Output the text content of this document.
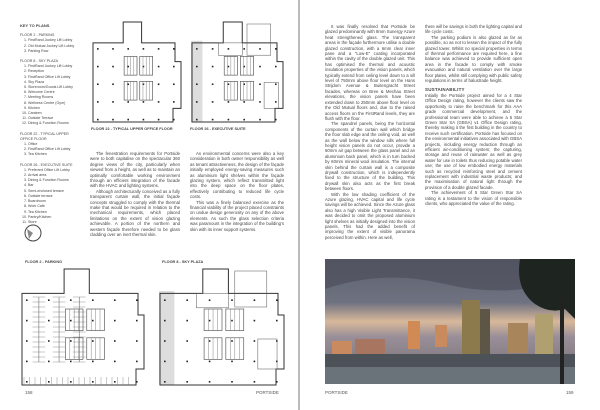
KEY TO PLANS
FLOOR 2 - PARKING
1. FirstRand Jockey Lift Lobby
2. Old Mutual Jockey Lift Lobby
3. Parking Row
FLOOR 8 - SKY PLAZA
1. FirstRand Jockey Lift Lobby
2. Reception
3. FirstRand Office Lift Lobby
4. Sky Plaza
5. Storeroom/Goods Lift Lobby
6. Welcome Centre
7. Meeting Rooms
8. Wellness Centre (Gym)
9. Kitchen
10. Canteen
11. Outside Terrace
12. Dining & Function Rooms
FLOOR 22 - TYPICAL UPPER OFFICE FLOOR
1. Office
2. FirstRand Office Lift Lobby
3. Tea Kitchen
FLOOR 26 - EXECUTIVE SUITE
1. Preferred Office Lift Lobby
2. Arrival area
3. Dining & Function Rooms
4. Bar
5. Semi-enclosed terrace
6. Outside terrace
7. Boardroom
8. Work Café
9. Tea Kitchen
10. Pantry/Kitchen
11. Store
FLOOR 22 - TYPICAL UPPER OFFICE FLOOR	FLOOR 26 - EXECUTIVE SUITE

The fenestration requirements for Portside were to both capitalise on the spectacular 360 degree views of the city, particularly when viewed from a height, as well as to maintain an optimally comfortable working environment through an efficient integration of the facade with the HVAC and lighting systems.

Although architecturally conceived as a fully transparent curtain wall, the initial façade concepts struggled to comply with the thermal make that would be required in relation to the mechanical requirements, which placed limitations on the extent of vision glazing achievable. A portion of the northern and western façade therefore needed to be glass cladding over an inert thermal skin.

As environmental concerns were also a key consideration in both owner responsibility as well as tenant attractiveness, the design of the façade initially employed energy-saving measures such as aluminium light shelves within the façade glazing system, which reflect transmitted light into the deep space on the floor plates, effectively contributing to reduced life cycle costs.

This was a finely balanced exercise as the financial viability of the project placed constraints on undue design generosity on any of the above elements. As such the glass selection criteria was paramount in the integration of the building's skin with its inner support systems.

FLOOR 2 - PARKING	FLOOR 8 - SKY PLAZA
158	PORTSIDE

It was finally resolved that Portside be glazed predominantly with 8mm Sunergy Azure heat strengthened glass. The transparent areas in the façade furthermore utilise a double glazed construction, with a 6mm clear inner pane and a "Low-E" coating incorporated within the cavity of the double glazed unit. This has optimised the thermal and acoustic insulation properties of the vision panels, which typically extend from ceiling level down to a sill level of 750mm above floor level on the Hans Strijdom Avenue & Buitengracht Street facades, whereas on Bree & Mechau Street elevations, the vision panels have been extended down to 250mm above floor level on the Old Mutual floors and, due to the raised access floors on the FirstRand levels, they are flush with the floor.

The spandrel panels, being the horizontal components of the curtain wall which bridge the floor slab edge and the ceiling void, as well as the wall below the window sills where full height vision panels do not occur, provide a 60mm air gap between the glass panel and an aluminium back panel, which is in turn backed by 60mm mineral wool insulation. The internal skin behind the curtain wall is a composite drywall construction, which is independently fixed to the structure of the building. This drywall skin also acts as the first break between floors.

With the low shading coefficient of the Azure glazing, HVAC capital and life cycle savings will be achieved. Since the Azure glass also has a high Visible Light Transmittance, it was decided to omit the proposed aluminium light shelves as initially designed into the vision panels. This had the added benefit of improving the extent of visible panorama perceived from within. Here as well,

there will be savings in both the lighting capital and life cycle costs.

The parking podium is also glazed as far as possible, so as not to lessen the impact of the fully glazed tower. Whilst no special properties in terms of thermal performance are required here, a fine balance was achieved to provide sufficient open area in the facade to comply with smoke evacuation and natural ventilation over the large floor plates, whilst still complying with public safety regulations in terms of balustrade height.

SUSTAINABILITY

Initially the Portside project aimed for a 4 Star Office Design rating, however the clients saw the opportunity to raise the benchmark for this AAA grade commercial development, and the professional team were able to achieve a 5 Star Green Star SA (GBSA) v1 Office Design rating, thereby making it the first building in the country to receive such certification. Portside has focused on the environmental initiatives associated with GBSA projects, including energy reduction through an efficient air-conditioning system; the capturing, storage and reuse of rainwater as well as grey water for use in toilets thus reducing potable water use; the use of low embodied energy materials such as recycled reinforcing steel and cement replacement with industrial waste products; and the maximisation of natural light through the provision of a double glazed facade.

The achievement of 5 Star Green Star SA rating is a testament to the vision of responsible clients, who appreciated the value of the rating.

PORTSIDE	159
